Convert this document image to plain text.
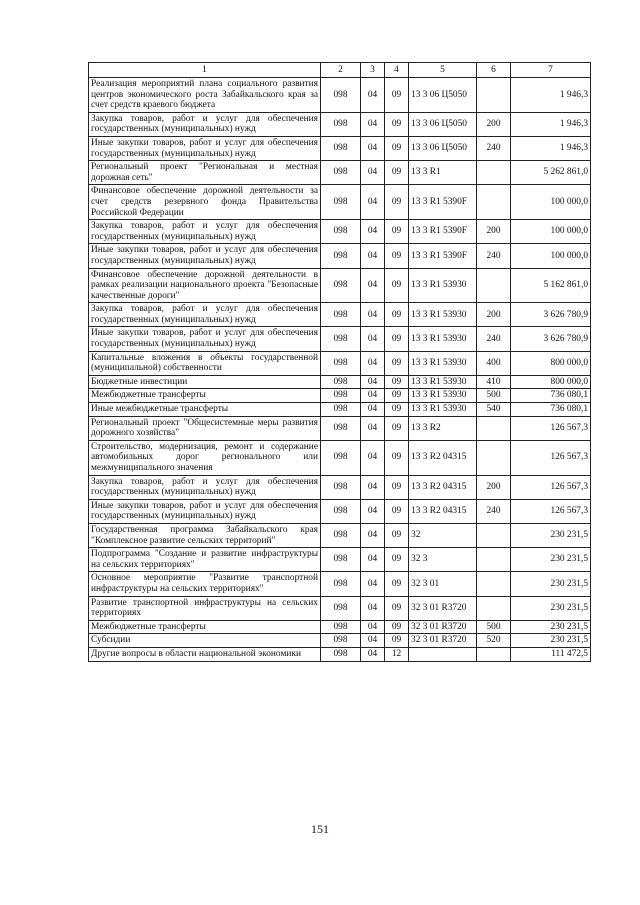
1	2	3	4	5	6	7
Реализация мероприятий плана социального развития центров экономического роста Забайкальского края за счет средств краевого бюджета	098	04	09	13 3 06 Ц5050		1 946,3
Закупка товаров, работ и услуг для обеспечения государственных (муниципальных) нужд	098	04	09	13 3 06 Ц5050	200	1 946,3
Иные закупки товаров, работ и услуг для обеспечения государственных (муниципальных) нужд	098	04	09	13 3 06 Ц5050	240	1 946,3
Региональный проект "Региональная и местная дорожная сеть"	098	04	09	13 3 R1		5 262 861,0
Финансовое обеспечение дорожной деятельности за счет средств резервного фонда Правительства Российской Федерации	098	04	09	13 3 R1 5390F		100 000,0
Закупка товаров, работ и услуг для обеспечения государственных (муниципальных) нужд	098	04	09	13 3 R1 5390F	200	100 000,0
Иные закупки товаров, работ и услуг для обеспечения государственных (муниципальных) нужд	098	04	09	13 3 R1 5390F	240	100 000,0
Финансовое обеспечение дорожной деятельности в рамках реализации национального проекта "Безопасные качественные дороги"	098	04	09	13 3 R1 53930		5 162 861,0
Закупка товаров, работ и услуг для обеспечения государственных (муниципальных) нужд	098	04	09	13 3 R1 53930	200	3 626 780,9
Иные закупки товаров, работ и услуг для обеспечения государственных (муниципальных) нужд	098	04	09	13 3 R1 53930	240	3 626 780,9
Капитальные вложения в объекты государственной (муниципальной) собственности	098	04	09	13 3 R1 53930	400	800 000,0
Бюджетные инвестиции	098	04	09	13 3 R1 53930	410	800 000,0
Межбюджетные трансферты	098	04	09	13 3 R1 53930	500	736 080,1
Иные межбюджетные трансферты	098	04	09	13 3 R1 53930	540	736 080,1
Региональный проект "Общесистемные меры развития дорожного хозяйства"	098	04	09	13 3 R2		126 567,3
Строительство, модернизация, ремонт и содержание автомобильных дорог регионального или межмуниципального значения	098	04	09	13 3 R2 04315		126 567,3
Закупка товаров, работ и услуг для обеспечения государственных (муниципальных) нужд	098	04	09	13 3 R2 04315	200	126 567,3
Иные закупки товаров, работ и услуг для обеспечения государственных (муниципальных) нужд	098	04	09	13 3 R2 04315	240	126 567,3
Государственная программа Забайкальского края "Комплексное развитие сельских территорий"	098	04	09	32		230 231,5
Подпрограмма "Создание и развитие инфраструктуры на сельских территориях"	098	04	09	32 3		230 231,5
Основное мероприятие "Развитие транспортной инфраструктуры на сельских территориях"	098	04	09	32 3 01		230 231,5
Развитие транспортной инфраструктуры на сельских территориях	098	04	09	32 3 01 R3720		230 231,5
Межбюджетные трансферты	098	04	09	32 3 01 R3720	500	230 231,5
Субсидии	098	04	09	32 3 01 R3720	520	230 231,5
Другие вопросы в области национальной экономики	098	04	12			111 472,5
151
